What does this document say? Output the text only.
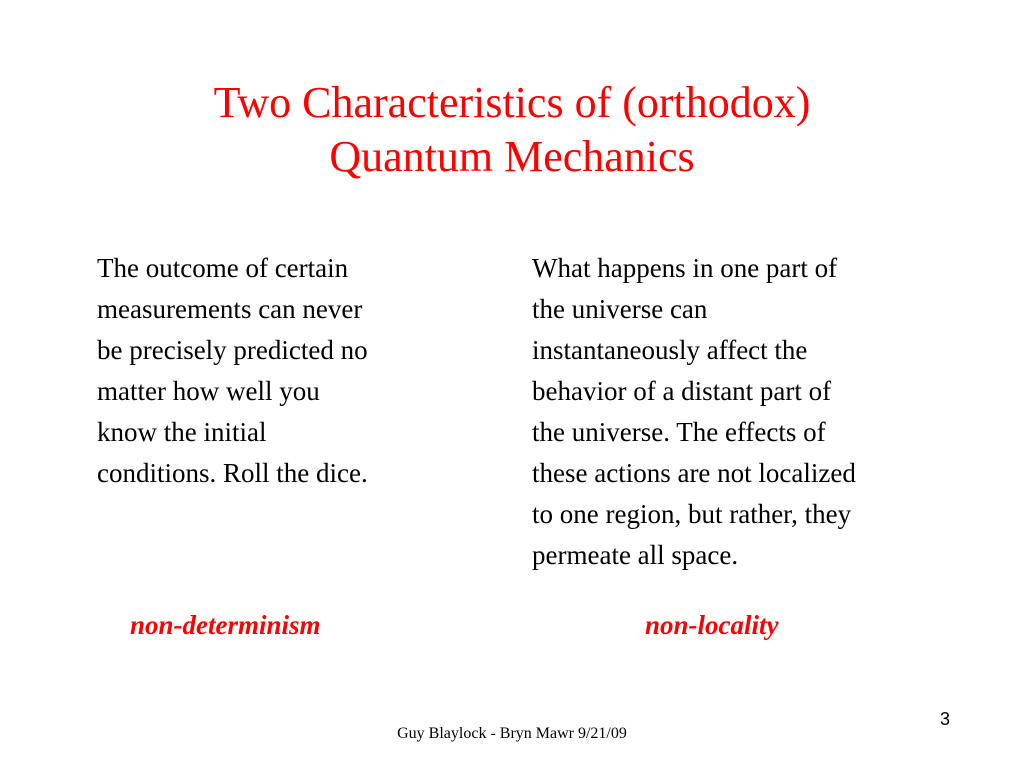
Two Characteristics of (orthodox)
Quantum Mechanics
The outcome of certain
measurements can never
be precisely predicted no
matter how well you
know the initial
conditions. Roll the dice.
What happens in one part of
the universe can
instantaneously affect the
behavior of a distant part of
the universe. The effects of
these actions are not localized
to one region, but rather, they
permeate all space.
non-determinism	non-locality
Guy Blaylock - Bryn Mawr 9/21/09
3
